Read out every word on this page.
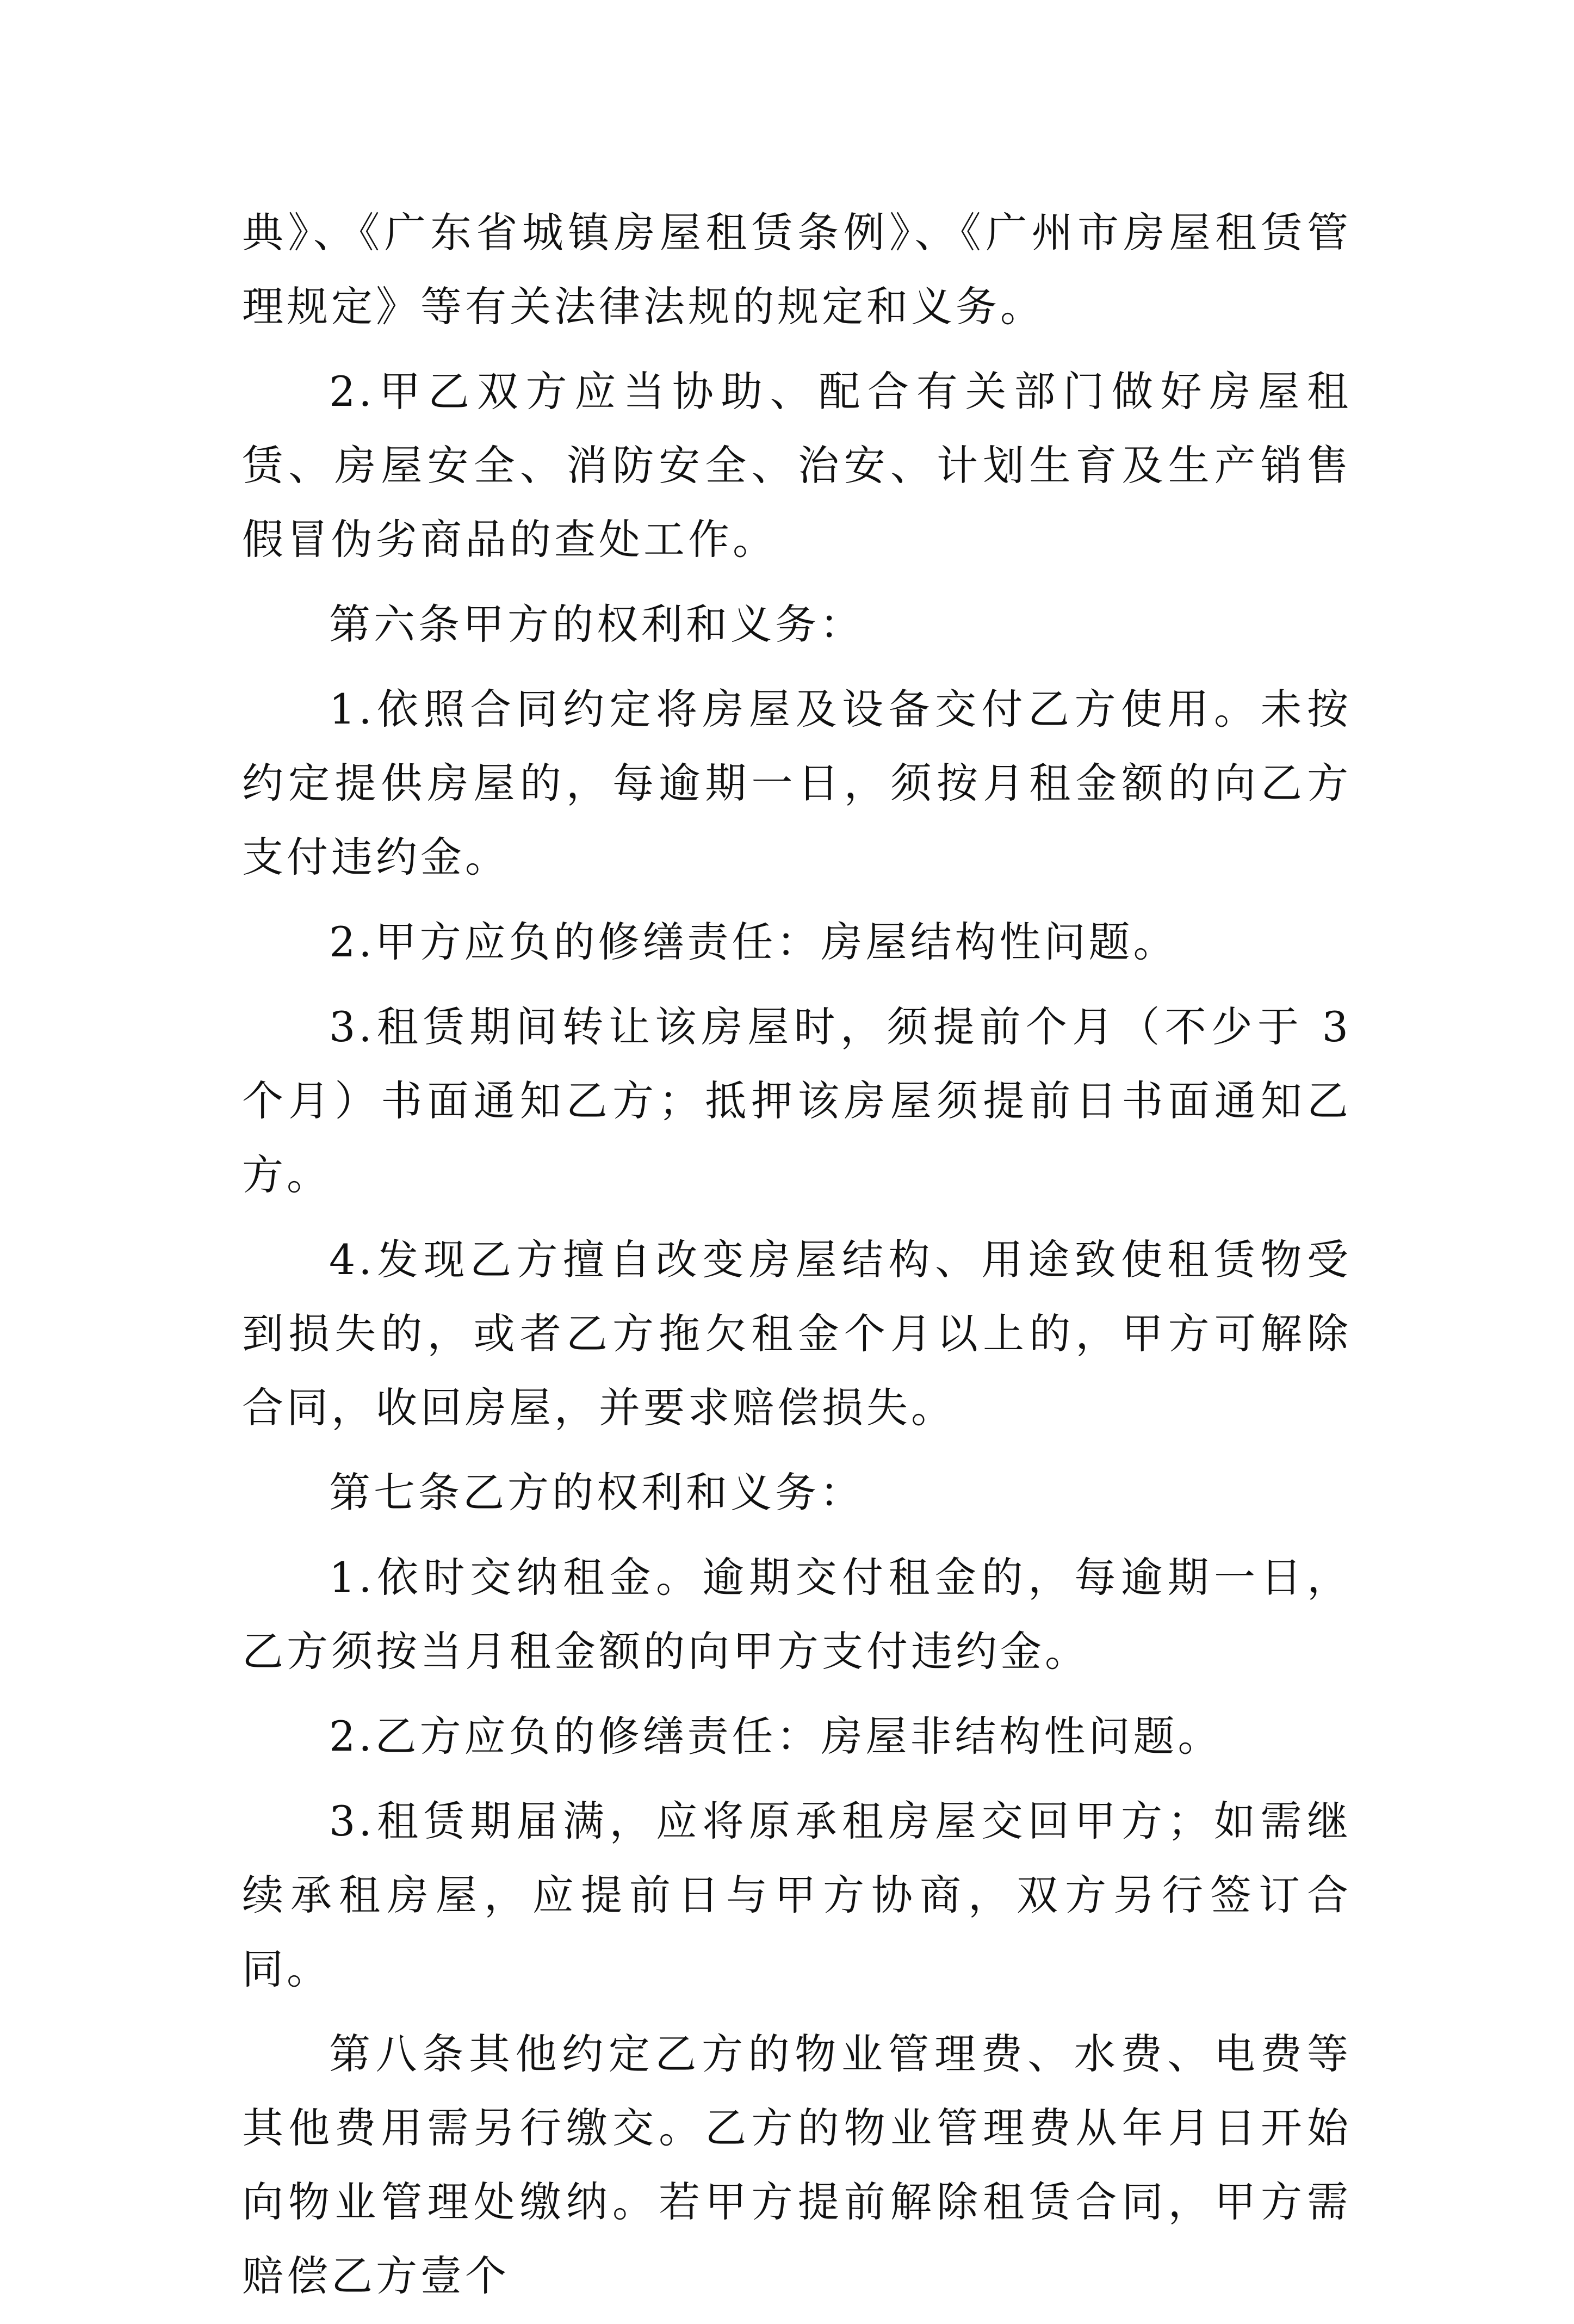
典》、《广东省城镇房屋租赁条例》、《广州市房屋租赁管理规定》等有关法律法规的规定和义务。

2.甲乙双方应当协助、配合有关部门做好房屋租赁、房屋安全、消防安全、治安、计划生育及生产销售假冒伪劣商品的查处工作。

第六条甲方的权利和义务：

1.依照合同约定将房屋及设备交付乙方使用。未按约定提供房屋的，每逾期一日，须按月租金额的向乙方支付违约金。

2.甲方应负的修缮责任：房屋结构性问题。

3.租赁期间转让该房屋时，须提前个月（不少于 3 个月）书面通知乙方；抵押该房屋须提前日书面通知乙方。

4.发现乙方擅自改变房屋结构、用途致使租赁物受到损失的，或者乙方拖欠租金个月以上的，甲方可解除合同，收回房屋，并要求赔偿损失。

第七条乙方的权利和义务：

1.依时交纳租金。逾期交付租金的，每逾期一日，乙方须按当月租金额的向甲方支付违约金。

2.乙方应负的修缮责任：房屋非结构性问题。

3.租赁期届满，应将原承租房屋交回甲方；如需继续承租房屋，应提前日与甲方协商，双方另行签订合同。

第八条其他约定乙方的物业管理费、水费、电费等其他费用需另行缴交。乙方的物业管理费从年月日开始向物业管理处缴纳。若甲方提前解除租赁合同，甲方需赔偿乙方壹个
